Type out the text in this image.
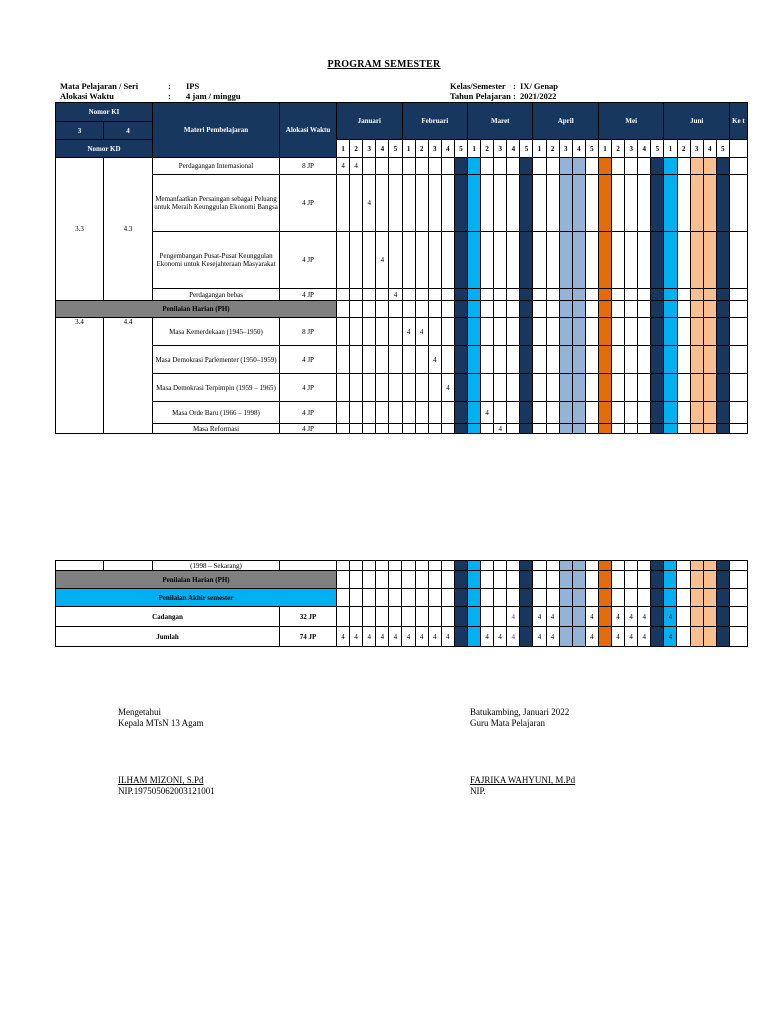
PROGRAM SEMESTER
Mata Pelajaran / Seri	: IPS
Alokasi Waktu	: 4 jam / minggu
Kelas/Semester : IX/ Genap
Tahun Pelajaran : 2021/2022
Nomor KI		Materi Pembelajaran	Alokasi Waktu	Januari					Februari					Maret					April					Mei					Juni					Ke t
3	4																																	
Nomor KD				1	2	3	4	5	1	2	3	4	5	1	2	3	4	5	1	2	3	4	5	1	2	3	4	5	1	2	3	4	5	
3.3	4.3	Perdagangan Internasional	8 JP	4	4																													
		Memanfaatkan Persaingan sebagai Peluang untuk Meraih Keunggulan Ekonomi Bangsa	4 JP			4																												
		Pengembangan Pusat-Pusat Keunggulan Ekonomi untuk Kesejahteraan Masyarakat	4 JP				4																											
		Perdagangan bebas	4 JP					4																										
Penilaian Harian (PH)																																		
3.4	4.4	Masa Kemerdekaan (1945–1950)	8 JP						4	4																								
		Masa Demokrasi Parlementer (1950–1959)	4 JP								4																							
		Masa Demokrasi Terpimpin (1959 – 1965)	4 JP									4																						
		Masa Orde Baru (1966 – 1998)	4 JP												4																			
		Masa Reformasi	4 JP													4																		
		(1998 – Sekarang)																																
Penilaian Harian (PH)																																		
Penilaian Akhir semester																																		
Cadangan			32 JP														4		4	4			4		4	4	4		4					
Jumlah			74 JP	4	4	4	4	4	4	4	4	4			4	4	4		4	4			4		4	4	4		4					
Mengetahui
Kepala MTsN 13 Agam
ILHAM MIZONI, S.Pd
NIP.197505062003121001
Batukambing, Januari 2022
Guru Mata Pelajaran
FAJRIKA WAHYUNI, M.Pd
NIP.
